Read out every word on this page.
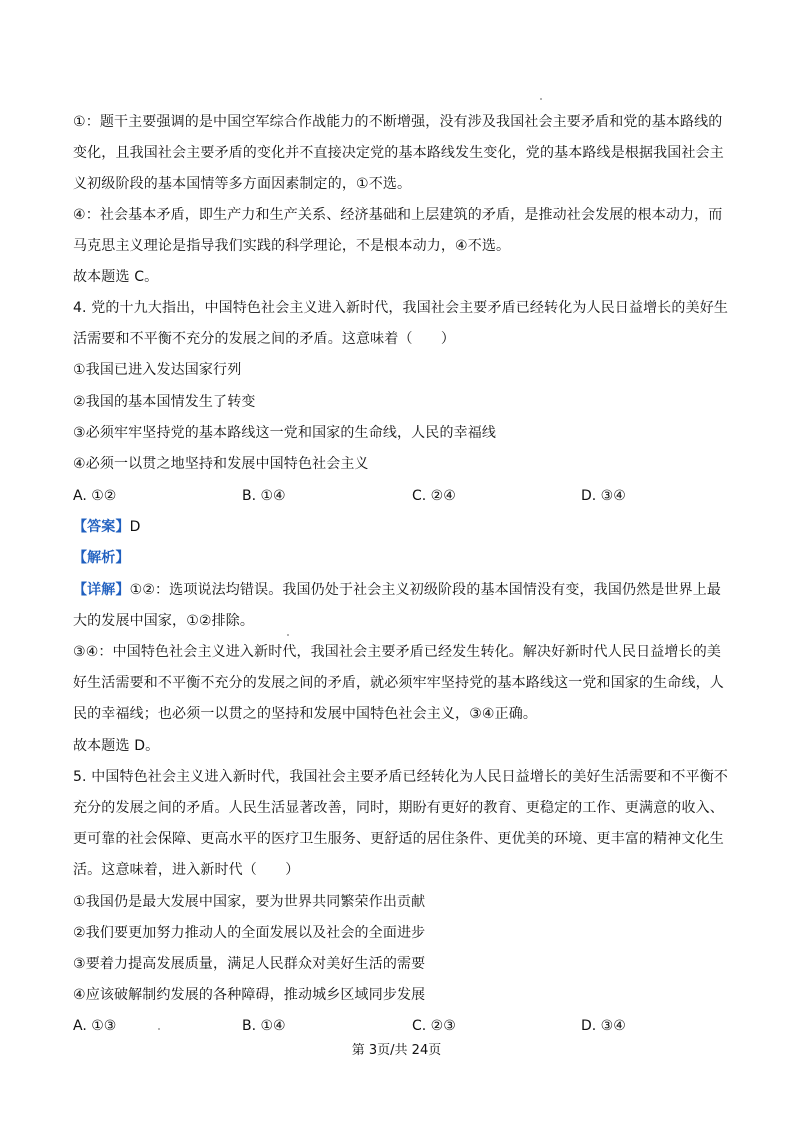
①：题干主要强调的是中国空军综合作战能力的不断增强，没有涉及我国社会主要矛盾和党的基本路线的
变化，且我国社会主要矛盾的变化并不直接决定党的基本路线发生变化，党的基本路线是根据我国社会主
义初级阶段的基本国情等多方面因素制定的，①不选。
④：社会基本矛盾，即生产力和生产关系、经济基础和上层建筑的矛盾，是推动社会发展的根本动力，而
马克思主义理论是指导我们实践的科学理论，不是根本动力，④不选。
故本题选 C。
4. 党的十九大指出，中国特色社会主义进入新时代，我国社会主要矛盾已经转化为人民日益增长的美好生
活需要和不平衡不充分的发展之间的矛盾。这意味着（　　）
①我国已进入发达国家行列
②我国的基本国情发生了转变
③必须牢牢坚持党的基本路线这一党和国家的生命线，人民的幸福线
④必须一以贯之地坚持和发展中国特色社会主义
A. ①②	B. ①④	C. ②④	D. ③④
【答案】D
【解析】
【详解】①②：选项说法均错误。我国仍处于社会主义初级阶段的基本国情没有变，我国仍然是世界上最
大的发展中国家，①②排除。
③④：中国特色社会主义进入新时代，我国社会主要矛盾已经发生转化。解决好新时代人民日益增长的美
好生活需要和不平衡不充分的发展之间的矛盾，就必须牢牢坚持党的基本路线这一党和国家的生命线，人
民的幸福线；也必须一以贯之的坚持和发展中国特色社会主义，③④正确。
故本题选 D。
5. 中国特色社会主义进入新时代，我国社会主要矛盾已经转化为人民日益增长的美好生活需要和不平衡不
充分的发展之间的矛盾。人民生活显著改善，同时，期盼有更好的教育、更稳定的工作、更满意的收入、
更可靠的社会保障、更高水平的医疗卫生服务、更舒适的居住条件、更优美的环境、更丰富的精神文化生
活。这意味着，进入新时代（　　）
①我国仍是最大发展中国家，要为世界共同繁荣作出贡献
②我们要更加努力推动人的全面发展以及社会的全面进步
③要着力提高发展质量，满足人民群众对美好生活的需要
④应该破解制约发展的各种障碍，推动城乡区域同步发展
A. ①③	B. ①④	C. ②③	D. ③④
第 3页/共 24页
